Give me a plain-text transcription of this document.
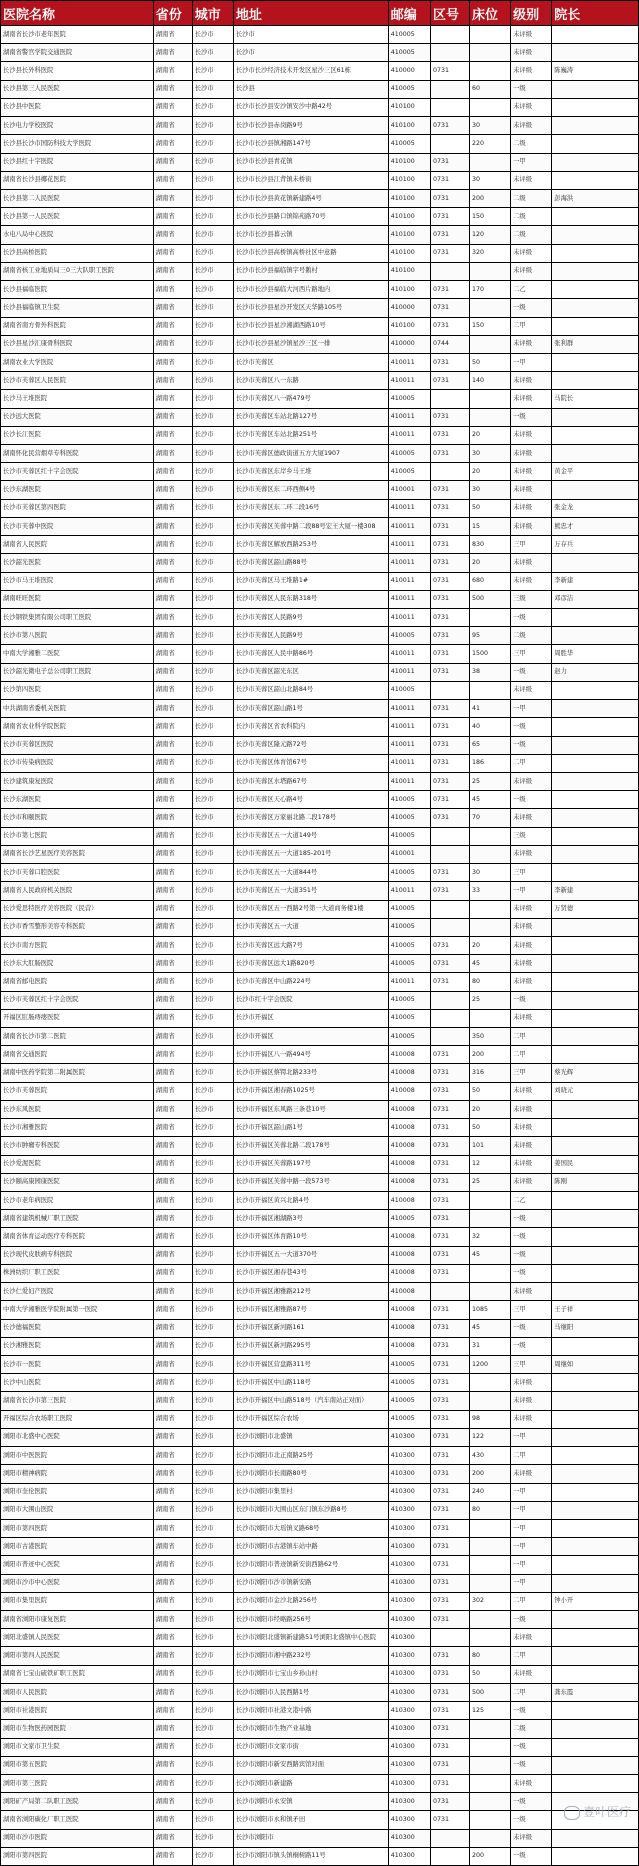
医院名称	省份	城市	地址	邮编	区号	床位	级别	院长
湖南省长沙市老年医院	湖南省	长沙市	长沙市	410005			未评级	
湖南省警官学院交通医院	湖南省	长沙市	长沙市	410005			未评级	
长沙县长外科医院	湖南省	长沙市	长沙市长沙经济技术开发区星沙三区61栋	410000	0731		未评级	陈巍涛
长沙县第三人民医院	湖南省	长沙市	长沙县	410005		60	一级	
长沙县中医院	湖南省	长沙市	长沙市长沙县安沙镇安沙中路42号	410100			未评级	
长沙电力学校医院	湖南省	长沙市	长沙市长沙县赤岗路9号	410100	0731	30	未评级	
长沙县长沙市国防科技大学医院	湖南省	长沙市	长沙市长沙县镇湘路147号	410005		220	二级	
长沙县红十字医院	湖南省	长沙市	长沙市长沙县青花镇	410100	0731		一甲	
湖南省长沙县椰花医院	湖南省	长沙市	长沙市长沙县江背镇未桥街	410100	0731	30	未评级	
长沙县第二人民医院	湖南省	长沙市	长沙市长沙县黄花镇新建路4号	410100	0731	200	二级	彭海洪
长沙县第一人民医院	湖南省	长沙市	长沙市长沙县路口镇锦苑路70号	410100	0731	150	二级	
水电八局中心医院	湖南省	长沙市	长沙市长沙县暮云镇	410100	0731	120	二级	
长沙县高桥医院	湖南省	长沙市	长沙市长沙县高桥镇高桥社区中意路	410100	0731	320	未评级	
湖南省核工业地质局三0三大队职工医院	湖南省	长沙市	长沙市长沙县福临镇字号鹅村	410100			未评级	
长沙县福临医院	湖南省	长沙市	长沙市长沙县福临大河西片路地内	410100	0731	170	二乙	
长沙县福临镇卫生院	湖南省	长沙市	长沙市长沙县星沙开发区天华路105号	410000	0731		一级	
湖南省南方骨外科医院	湖南省	长沙市	长沙市长沙县星沙湘湖西路10号	410100	0731	150	二甲	
长沙县星沙汇康骨科医院	湖南省	长沙市	长沙市长沙县星沙镇星沙三区一排	410000	0744		未评级	张利群
湖南农业大学医院	湖南省	长沙市	长沙市芙蓉区	410011	0731	50	一甲	
长沙市芙蓉区人民医院	湖南省	长沙市	长沙市芙蓉区八一东路	410011	0731	140	未评级	
长沙马王堆医院	湖南省	长沙市	长沙市芙蓉区八一路479号	410005			未评级	马院长
长沙远大医院	湖南省	长沙市	长沙市芙蓉区车站北路127号	410011	0731		一级	
长沙长江医院	湖南省	长沙市	长沙市芙蓉区车站北路251号	410011	0731	20	未评级	
湖南怀化民营烟草专科医院	湖南省	长沙市	长沙市芙蓉区德政街道五方大厦1907	410005	0731	30	未评级	
长沙市芙蓉区红十字会医院	湖南省	长沙市	长沙市芙蓉区东岸乡马王堆	410005		20	未评级	黄金平
长沙东湖医院	湖南省	长沙市	长沙市芙蓉区东二环西侧4号	410001	0731	30	未评级	
长沙市芙蓉区第四医院	湖南省	长沙市	长沙市芙蓉区东二环二段16号	410011	0731	50	未评级	张金龙
长沙市芙蓉中医院	湖南省	长沙市	长沙市芙蓉区芙蓉中路二段88号宏王大厦一楼308	410011	0731	15	未评级	熊忠才
湖南省人民医院	湖南省	长沙市	长沙市芙蓉区解放西路253号	410011	0731	830	三甲	万存兵
长沙韶光医院	湖南省	长沙市	长沙市芙蓉区韶山路88号	410011	0731	20	未评级	
长沙市马王堆医院	湖南省	长沙市	长沙市芙蓉区马王堆路1#	410011	0731	680	未评级	李新建
湖南旺旺医院	湖南省	长沙市	长沙市芙蓉区人民东路318号	410011	0731	500	三级	邓彦洁
长沙钢铁集团有限公司职工医院	湖南省	长沙市	长沙市芙蓉区人民路9号	410011	0731		一级	
长沙市第八医院	湖南省	长沙市	长沙市芙蓉区人民路9号	410005	0731	95	二级	
中南大学湘雅二医院	湖南省	长沙市	长沙市芙蓉区人民中路86号	410011	0731	1500	三甲	周胜华
长沙韶光微电子总公司职工医院	湖南省	长沙市	长沙市芙蓉区韶光东区	410011	0731	38	一级	赵力
长沙第四医院	湖南省	长沙市	长沙市芙蓉区韶山北路84号	410005			未评级	
中共湖南省委机关医院	湖南省	长沙市	长沙市芙蓉区韶山路1号	410011	0731	41	一甲	
湖南省农业科学院医院	湖南省	长沙市	长沙市芙蓉区省农科院内	410011	0731	40	一级	
长沙市芙蓉区医院	湖南省	长沙市	长沙市芙蓉区隆元路72号	410011	0731	65	一级	
长沙市传染病医院	湖南省	长沙市	长沙市芙蓉区体育馆67号	410011	0731	186	二甲	
长沙建筑康复医院	湖南省	长沙市	长沙市芙蓉区水塔路67号	410011	0731	25	未评级	
长沙东湖医院	湖南省	长沙市	长沙市芙蓉区天心路4号	410005	0731	45	一级	
长沙市和颐医院	湖南省	长沙市	长沙市芙蓉区万家丽北路二段178号	410005	0731	70	未评级	
长沙市第七医院	湖南省	长沙市	长沙市芙蓉区五一大道149号	410005			三级	
湖南省长沙艺星医疗美容医院	湖南省	长沙市	长沙市芙蓉区五一大道185-201号	410001			未评级	
长沙市芙蓉口腔医院	湖南省	长沙市	长沙市芙蓉区五一大道844号	410005	0731	30	三甲	
湖南省人民政府机关医院	湖南省	长沙市	长沙市芙蓉区五一大道351号	410011	0731	33	一甲	李新建
长沙爱思特医疗美容医院（民营）	湖南省	长沙市	长沙市芙蓉区五一西路2号第一大道商务楼1楼	410005			未评级	万贤德
长沙市香雪整形美容专科医院	湖南省	长沙市	长沙市芙蓉区五一大道	410005			未评级	
长沙市南方医院	湖南省	长沙市	长沙市芙蓉区远大路7号	410005	0731	20	未评级	
长沙东大肛肠医院	湖南省	长沙市	长沙市芙蓉区远大1路820号	410005	0731	45	未评级	
湖南省邮电医院	湖南省	长沙市	长沙市芙蓉区中山路224号	410011	0731	80	未评级	
长沙市芙蓉区红十字会医院	湖南省	长沙市	长沙市红十字会医院	410005		25	一级	
开福区肛肠痔瘘医院	湖南省	长沙市	长沙市开福区	410005			未评级	
湖南省长沙市第二医院	湖南省	长沙市	长沙市开福区	410005		350	二甲	
湖南省交通医院	湖南省	长沙市	长沙市开福区八一路494号	410008	0731	200	二甲	
湖南中医药学院第二附属医院	湖南省	长沙市	长沙市开福区蔡锷北路233号	410008	0731	316	三甲	蔡光辉
长沙市芙蓉医院	湖南省	长沙市	长沙市开福区湘春路1025号	410008	0731	50	未评级	刘晓元
长沙东风医院	湖南省	长沙市	长沙市开福区东风路三条巷10号	410008	0731	20	未评级	
长沙市湘雅医院	湖南省	长沙市	长沙市开福区韶山路1号	410008	0731	50	未评级	
长沙市肿瘤专科医院	湖南省	长沙市	长沙市开福区芙蓉北路二段178号	410008	0731	101	未评级	
长沙爱渥医院	湖南省	长沙市	长沙市开福区芙蓉路197号	410008	0731	12	未评级	姜国民
长沙颐高康园康医院	湖南省	长沙市	长沙市开福区芙蓉中路一段573号	410008	0731	25	未评级	陈刚
长沙市老年病医院	湖南省	长沙市	长沙市开福区黄兴北路4号	410008	0731		二乙	
湖南省建筑机械厂职工医院	湖南省	长沙市	长沙市开福区湘湖路3号	410005	0731		一级	
湖南省体育运动医疗专科医院	湖南省	长沙市	长沙市开福区体育路10号	410008	0731	32	一级	
长沙现代皮肤病专科医院	湖南省	长沙市	长沙市开福区五一大道370号	410008	0731	45	一级	
株洲纺织厂职工医院	湖南省	长沙市	长沙市开福区湘春巷43号	410008	0731		一级	
长沙仁爱妇产医院	湖南省	长沙市	长沙市开福区湘雅路212号	410008			未评级	
中南大学湘雅医学院附属第一医院	湖南省	长沙市	长沙市开福区湘雅路87号	410008	0731	1085	三甲	王子祥
长沙德福医院	湖南省	长沙市	长沙市开福区新河路161	410008	0731	45	一级	马继阳
长沙湘雅医院	湖南省	长沙市	长沙市开福区新河路295号	410008	0731	31	一级	
长沙市一医院	湖南省	长沙市	长沙市开福区营盘路311号	410005	0731	1200	三甲	周继如
长沙中山医院	湖南省	长沙市	长沙市开福区中山路118号	410005	0731		未评级	
湖南省长沙市第三医院	湖南省	长沙市	长沙市开福区中山路518号（汽车南站正对面）	410005	0731		未评级	
开福区综合农场职工医院	湖南省	长沙市	长沙市开福区综合农场	410005	0731	98	未评级	
浏阳市北盛中心医院	湖南省	长沙市	长沙市浏阳市北盛镇	410300	0731	122	一甲	
浏阳市中医医院	湖南省	长沙市	长沙市浏阳市北正南路25号	410300	0731	430	二甲	
浏阳市精神病院	湖南省	长沙市	长沙市浏阳市长南路80号	410300	0731	200	未评级	
浏阳市奎伦医院	湖南省	长沙市	长沙市浏阳市集里村	410300	0731	240	一甲	
浏阳市大围山医院	湖南省	长沙市	长沙市浏阳市大围山区东门镇东沙路8号	410300	0731	80	一甲	
浏阳市第四医院	湖南省	长沙市	长沙市浏阳市大瑶镇叉路68号	410300	0731		一甲	
浏阳市古港医院	湖南省	长沙市	长沙市浏阳市古港镇车站中路	410300	0731		一甲	
浏阳市普迹中心医院	湖南省	长沙市	长沙市浏阳市普迹镇新安街西路62号	410300	0731		一甲	
浏阳市沙市中心医院	湖南省	长沙市	长沙市浏阳市沙市镇新安路	410300	0731		一甲	
浏阳市集里医院	湖南省	长沙市	长沙市浏阳市金沙北路256号	410300	0731	302	二甲	钟小开
湖南省浏阳市康复医院	湖南省	长沙市	长沙市浏阳市经略路256号	410300	0731		一级	
浏阳北盛镇人民医院	湖南省	长沙市	长沙市浏阳北盛镇新建路51号浏阳北盛镇中心医院	410300			未评级	
浏阳市第四人民医院	湖南省	长沙市	长沙市浏阳市湘中路232号	410300	0731	80	二甲	
湖南省七宝山硫铁矿职工医院	湖南省	长沙市	长沙市浏阳市七宝山乡孙山村	410300	0731	50	未评级	
浏阳市人民医院	湖南省	长沙市	长沙市浏阳市人民西路1号	410300	0731	500	二甲	龚东霞
浏阳市社港医院	湖南省	长沙市	长沙市浏阳市社港文港中路	410300	0731	125	一级	
浏阳市生物医药园医院	湖南省	长沙市	长沙市浏阳市生物产业基地	410300	0731		二级	
浏阳市文家市卫生院	湖南省	长沙市	长沙市浏阳市文家市街	410300	0731		一级	
浏阳市第五医院	湖南省	长沙市	长沙市浏阳市新安西路宾馆对面	410300	0731		一级	
浏阳市第三医院	湖南省	长沙市	长沙市浏阳市新建路	410300	0731		未评级	
浏阳矿产局第二队职工医院	湖南省	长沙市	长沙市浏阳市永安镇	410300	0731		一级	
湖南省浏阳碳化厂职工医院	湖南省	长沙市	长沙市浏阳市永和镇矛田	410300	0731		一级	
浏阳市沙市医院	湖南省	长沙市	长沙市浏阳市	410300			未评级	
浏阳市第四医院	湖南省	长沙市	长沙市浏阳市镇头镇桐树路11号	410300		200	一级	
壹叶医疗
